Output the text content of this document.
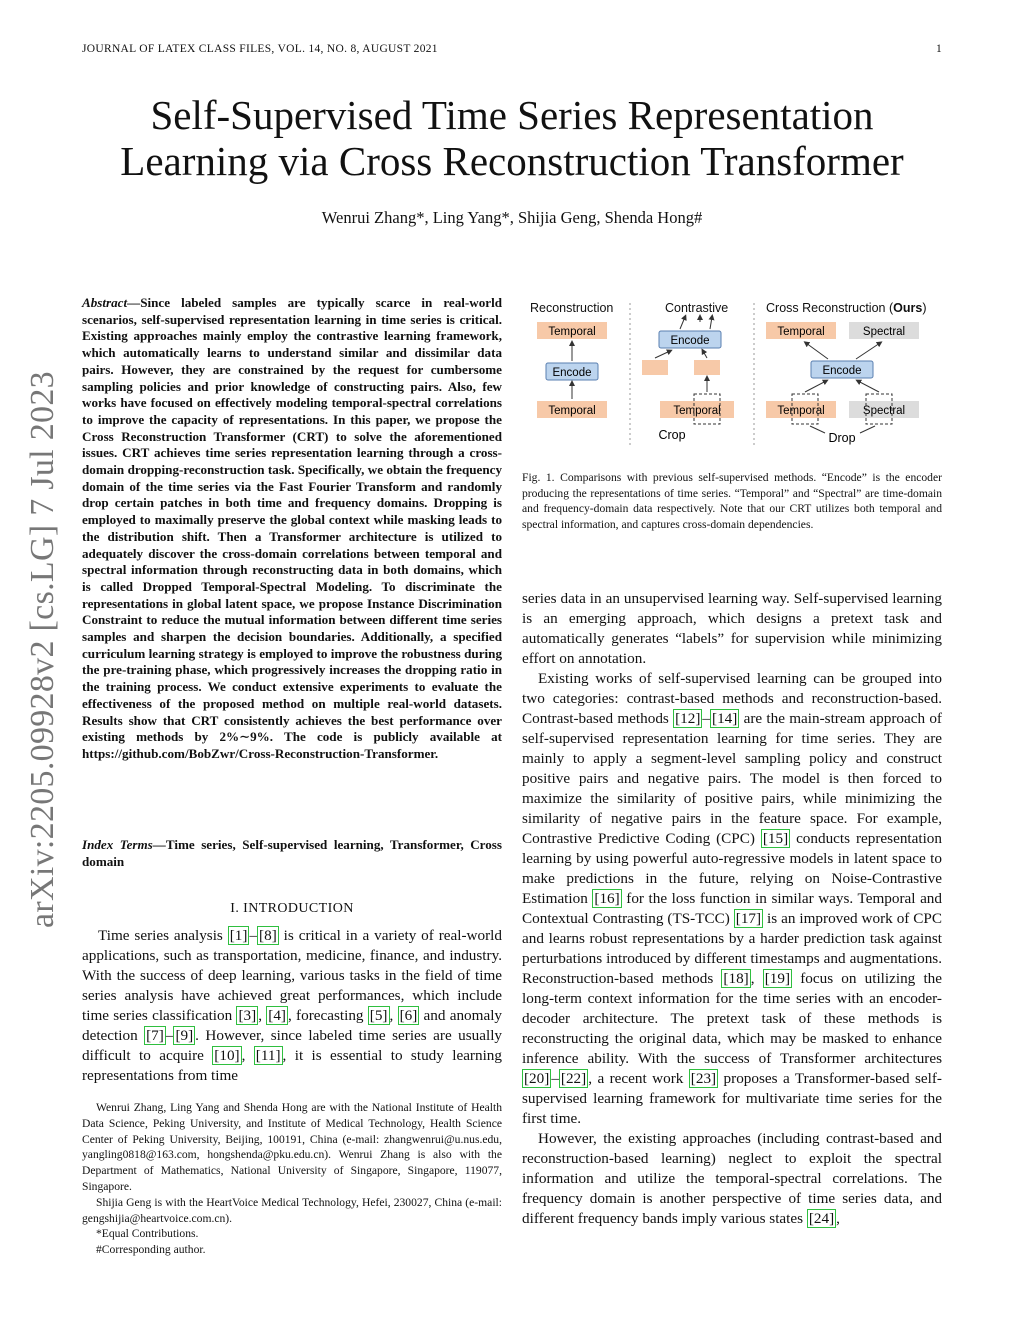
JOURNAL OF LATEX CLASS FILES, VOL. 14, NO. 8, AUGUST 2021	1
Self-Supervised Time Series Representation
Learning via Cross Reconstruction Transformer
Wenrui Zhang*, Ling Yang*, Shijia Geng, Shenda Hong#
arXiv:2205.09928v2 [cs.LG] 7 Jul 2023
Abstract—Since labeled samples are typically scarce in real-world scenarios, self-supervised representation learning in time series is critical. Existing approaches mainly employ the contrastive learning framework, which automatically learns to understand similar and dissimilar data pairs. However, they are constrained by the request for cumbersome sampling policies and prior knowledge of constructing pairs. Also, few works have focused on effectively modeling temporal-spectral correlations to improve the capacity of representations. In this paper, we propose the Cross Reconstruction Transformer (CRT) to solve the aforementioned issues. CRT achieves time series representation learning through a cross-domain dropping-reconstruction task. Specifically, we obtain the frequency domain of the time series via the Fast Fourier Transform and randomly drop certain patches in both time and frequency domains. Dropping is employed to maximally preserve the global context while masking leads to the distribution shift. Then a Transformer architecture is utilized to adequately discover the cross-domain correlations between temporal and spectral information through reconstructing data in both domains, which is called Dropped Temporal-Spectral Modeling. To discriminate the representations in global latent space, we propose Instance Discrimination Constraint to reduce the mutual information between different time series samples and sharpen the decision boundaries. Additionally, a specified curriculum learning strategy is employed to improve the robustness during the pre-training phase, which progressively increases the dropping ratio in the training process. We conduct extensive experiments to evaluate the effectiveness of the proposed method on multiple real-world datasets. Results show that CRT consistently achieves the best performance over existing methods by 2%∼9%. The code is publicly available at https://github.com/BobZwr/Cross-Reconstruction-Transformer.
Index Terms—Time series, Self-supervised learning, Transformer, Cross domain
I. INTRODUCTION

Time series analysis [1] – [8] is critical in a variety of real-world applications, such as transportation, medicine, finance, and industry. With the success of deep learning, various tasks in the field of time series analysis have achieved great performances, which include time series classification [3] , [4] , forecasting [5] , [6] and anomaly detection [7] – [9] . However, since labeled time series are usually difficult to acquire [10] , [11] , it is essential to study learning representations from time

Wenrui Zhang, Ling Yang and Shenda Hong are with the National Institute of Health Data Science, Peking University, and Institute of Medical Technology, Health Science Center of Peking University, Beijing, 100191, China (e-mail: zhangwenrui@u.nus.edu, yangling0818@163.com, hongshenda@pku.edu.cn). Wenrui Zhang is also with the Department of Mathematics, National University of Singapore, Singapore, 119077, Singapore.

Shijia Geng is with the HeartVoice Medical Technology, Hefei, 230027, China (e-mail: gengshijia@heartvoice.com.cn).

*Equal Contributions.

#Corresponding author.

Reconstruction	Contrastive	Cross Reconstruction (Ours)
Temporal
Encode
Temporal
Encode
Temporal
Crop
Temporal	Spectral
Encode
Temporal	Spectral
Drop
Fig. 1. Comparisons with previous self-supervised methods. “Encode” is the encoder producing the representations of time series. “Temporal” and “Spectral” are time-domain and frequency-domain data respectively. Note that our CRT utilizes both temporal and spectral information, and captures cross-domain dependencies.

series data in an unsupervised learning way. Self-supervised learning is an emerging approach, which designs a pretext task and automatically generates “labels” for supervision while minimizing effort on annotation.

Existing works of self-supervised learning can be grouped into two categories: contrast-based methods and reconstruction-based. Contrast-based methods [12] – [14] are the main-stream approach of self-supervised representation learning for time series. They are mainly to apply a segment-level sampling policy and construct positive pairs and negative pairs. The model is then forced to maximize the similarity of positive pairs, while minimizing the similarity of negative pairs in the feature space. For example, Contrastive Predictive Coding (CPC) [15] conducts representation learning by using powerful auto-regressive models in latent space to make predictions in the future, relying on Noise-Contrastive Estimation [16] for the loss function in similar ways. Temporal and Contextual Contrasting (TS-TCC) [17] is an improved work of CPC and learns robust representations by a harder prediction task against perturbations introduced by different timestamps and augmentations. Reconstruction-based methods [18] , [19] focus on utilizing the long-term context information for the time series with an encoder-decoder architecture. The pretext task of these methods is reconstructing the original data, which may be masked to enhance inference ability. With the success of Transformer architectures [20] – [22] , a recent work [23] proposes a Transformer-based self-supervised learning framework for multivariate time series for the first time.

However, the existing approaches (including contrast-based and reconstruction-based learning) neglect to exploit the spectral information and utilize the temporal-spectral correlations. The frequency domain is another perspective of time series data, and different frequency bands imply various states [24] ,
